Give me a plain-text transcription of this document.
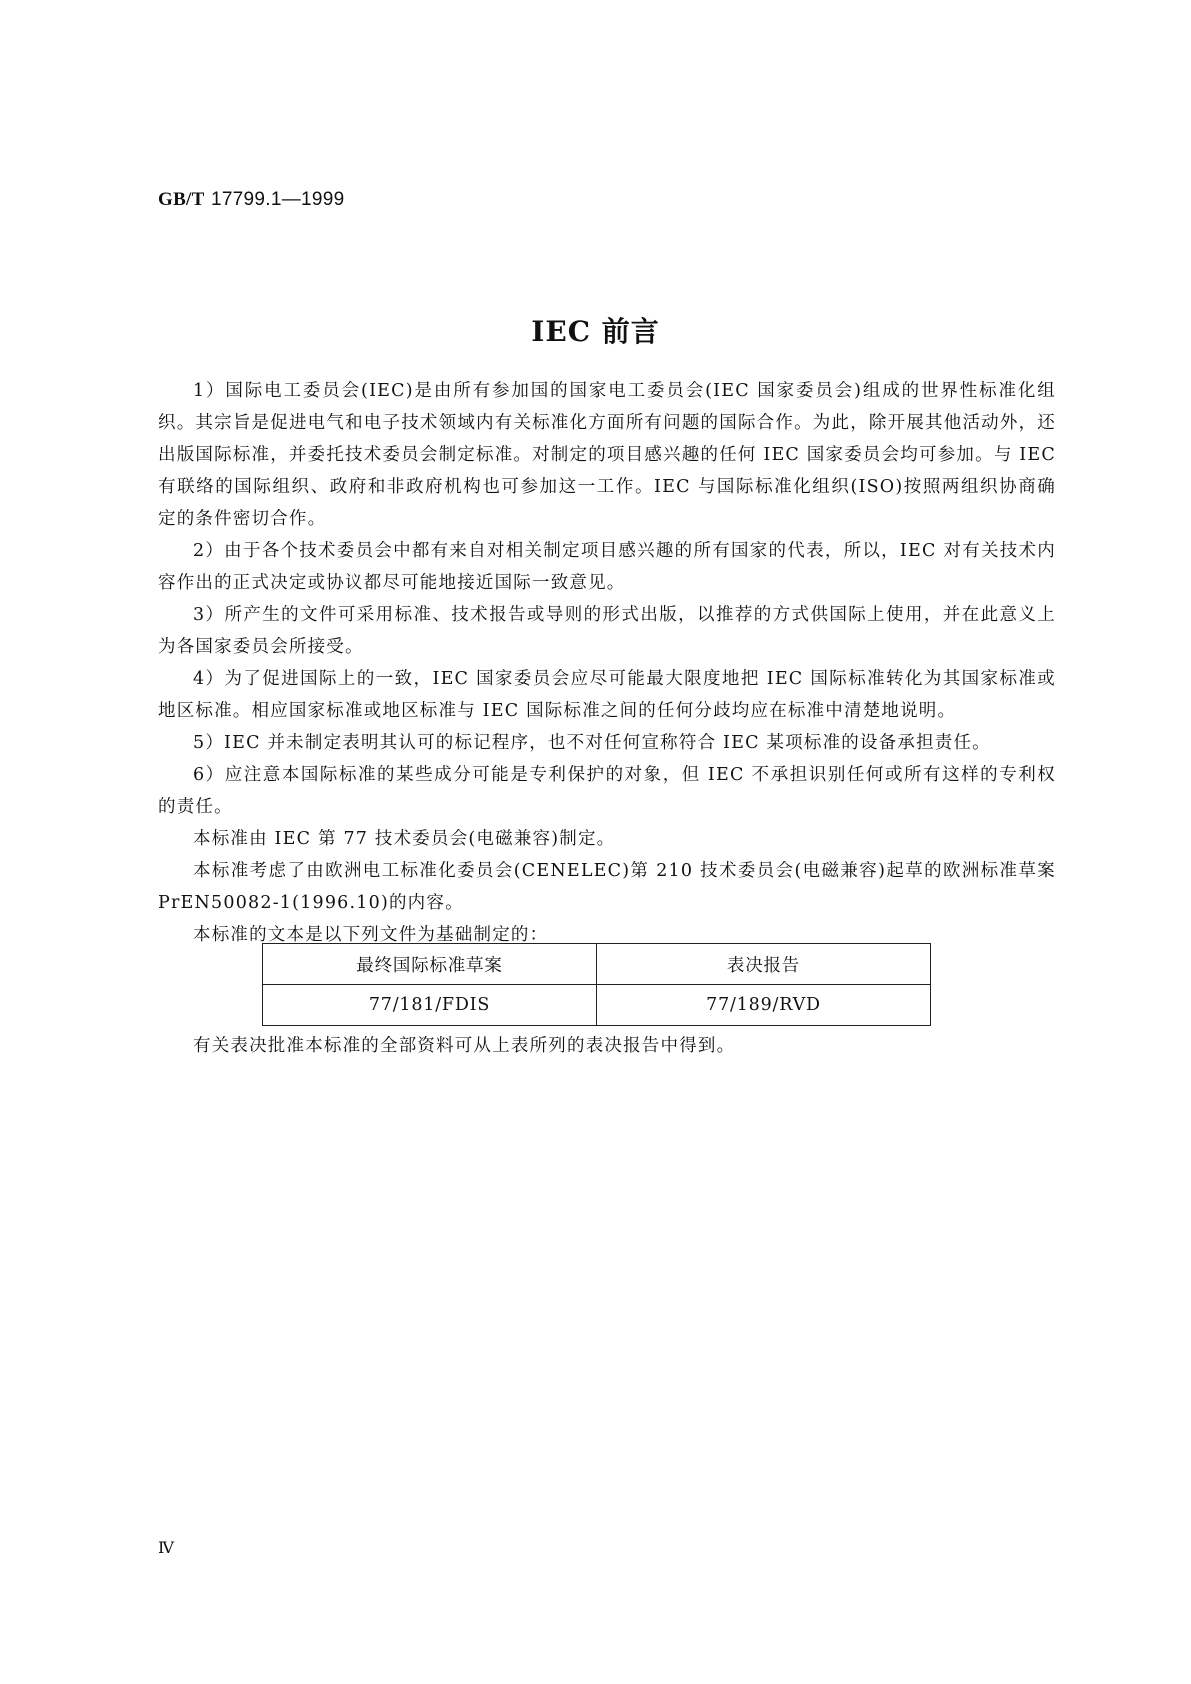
GB/T 17799.1—1999
IEC 前言

1）国际电工委员会(IEC)是由所有参加国的国家电工委员会(IEC 国家委员会)组成的世界性标准化组织。其宗旨是促进电气和电子技术领域内有关标准化方面所有问题的国际合作。为此，除开展其他活动外，还出版国际标准，并委托技术委员会制定标准。对制定的项目感兴趣的任何 IEC 国家委员会均可参加。与 IEC 有联络的国际组织、政府和非政府机构也可参加这一工作。IEC 与国际标准化组织(ISO)按照两组织协商确定的条件密切合作。

2）由于各个技术委员会中都有来自对相关制定项目感兴趣的所有国家的代表，所以，IEC 对有关技术内容作出的正式决定或协议都尽可能地接近国际一致意见。

3）所产生的文件可采用标准、技术报告或导则的形式出版，以推荐的方式供国际上使用，并在此意义上为各国家委员会所接受。

4）为了促进国际上的一致，IEC 国家委员会应尽可能最大限度地把 IEC 国际标准转化为其国家标准或地区标准。相应国家标准或地区标准与 IEC 国际标准之间的任何分歧均应在标准中清楚地说明。

5）IEC 并未制定表明其认可的标记程序，也不对任何宣称符合 IEC 某项标准的设备承担责任。

6）应注意本国际标准的某些成分可能是专利保护的对象，但 IEC 不承担识别任何或所有这样的专利权的责任。

本标准由 IEC 第 77 技术委员会(电磁兼容)制定。

本标准考虑了由欧洲电工标准化委员会(CENELEC)第 210 技术委员会(电磁兼容)起草的欧洲标准草案 PrEN50082-1(1996.10)的内容。

本标准的文本是以下列文件为基础制定的：

最终国际标准草案	表决报告
77/181/FDIS	77/189/RVD

有关表决批准本标准的全部资料可从上表所列的表决报告中得到。

Ⅳ
